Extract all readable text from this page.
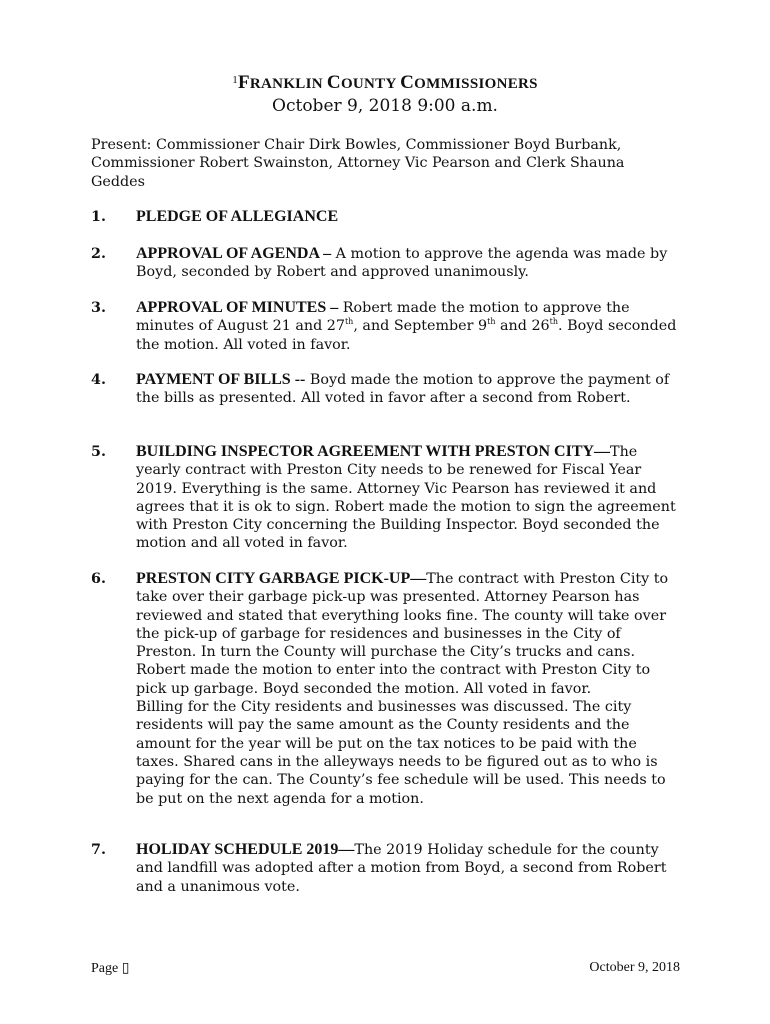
$^1$FRANKLIN COUNTY COMMISSIONERS
October 9, 2018 9:00 a.m.
Present: Commissioner Chair Dirk Bowles, Commissioner Boyd Burbank, Commissioner Robert Swainston, Attorney Vic Pearson and Clerk Shauna Geddes
1.	PLEDGE OF ALLEGIANCE
2.	APPROVAL OF AGENDA – A motion to approve the agenda was made by Boyd, seconded by Robert and approved unanimously.
3.	APPROVAL OF MINUTES – Robert made the motion to approve the minutes of August 21 and 27th, and September 9th and 26th. Boyd seconded the motion. All voted in favor.
4.	PAYMENT OF BILLS -- Boyd made the motion to approve the payment of the bills as presented. All voted in favor after a second from Robert.
5.	BUILDING INSPECTOR AGREEMENT WITH PRESTON CITY—The yearly contract with Preston City needs to be renewed for Fiscal Year 2019. Everything is the same. Attorney Vic Pearson has reviewed it and agrees that it is ok to sign. Robert made the motion to sign the agreement with Preston City concerning the Building Inspector. Boyd seconded the motion and all voted in favor.
6.	PRESTON CITY GARBAGE PICK-UP—The contract with Preston City to take over their garbage pick-up was presented. Attorney Pearson has reviewed and stated that everything looks fine. The county will take over the pick-up of garbage for residences and businesses in the City of Preston. In turn the County will purchase the City’s trucks and cans. Robert made the motion to enter into the contract with Preston City to pick up garbage. Boyd seconded the motion. All voted in favor.
Billing for the City residents and businesses was discussed. The city residents will pay the same amount as the County residents and the amount for the year will be put on the tax notices to be paid with the taxes. Shared cans in the alleyways needs to be figured out as to who is paying for the can. The County’s fee schedule will be used. This needs to be put on the next agenda for a motion.
7.	HOLIDAY SCHEDULE 2019—The 2019 Holiday schedule for the county and landfill was adopted after a motion from Boyd, a second from Robert and a unanimous vote.
Page ▯	October 9, 2018
